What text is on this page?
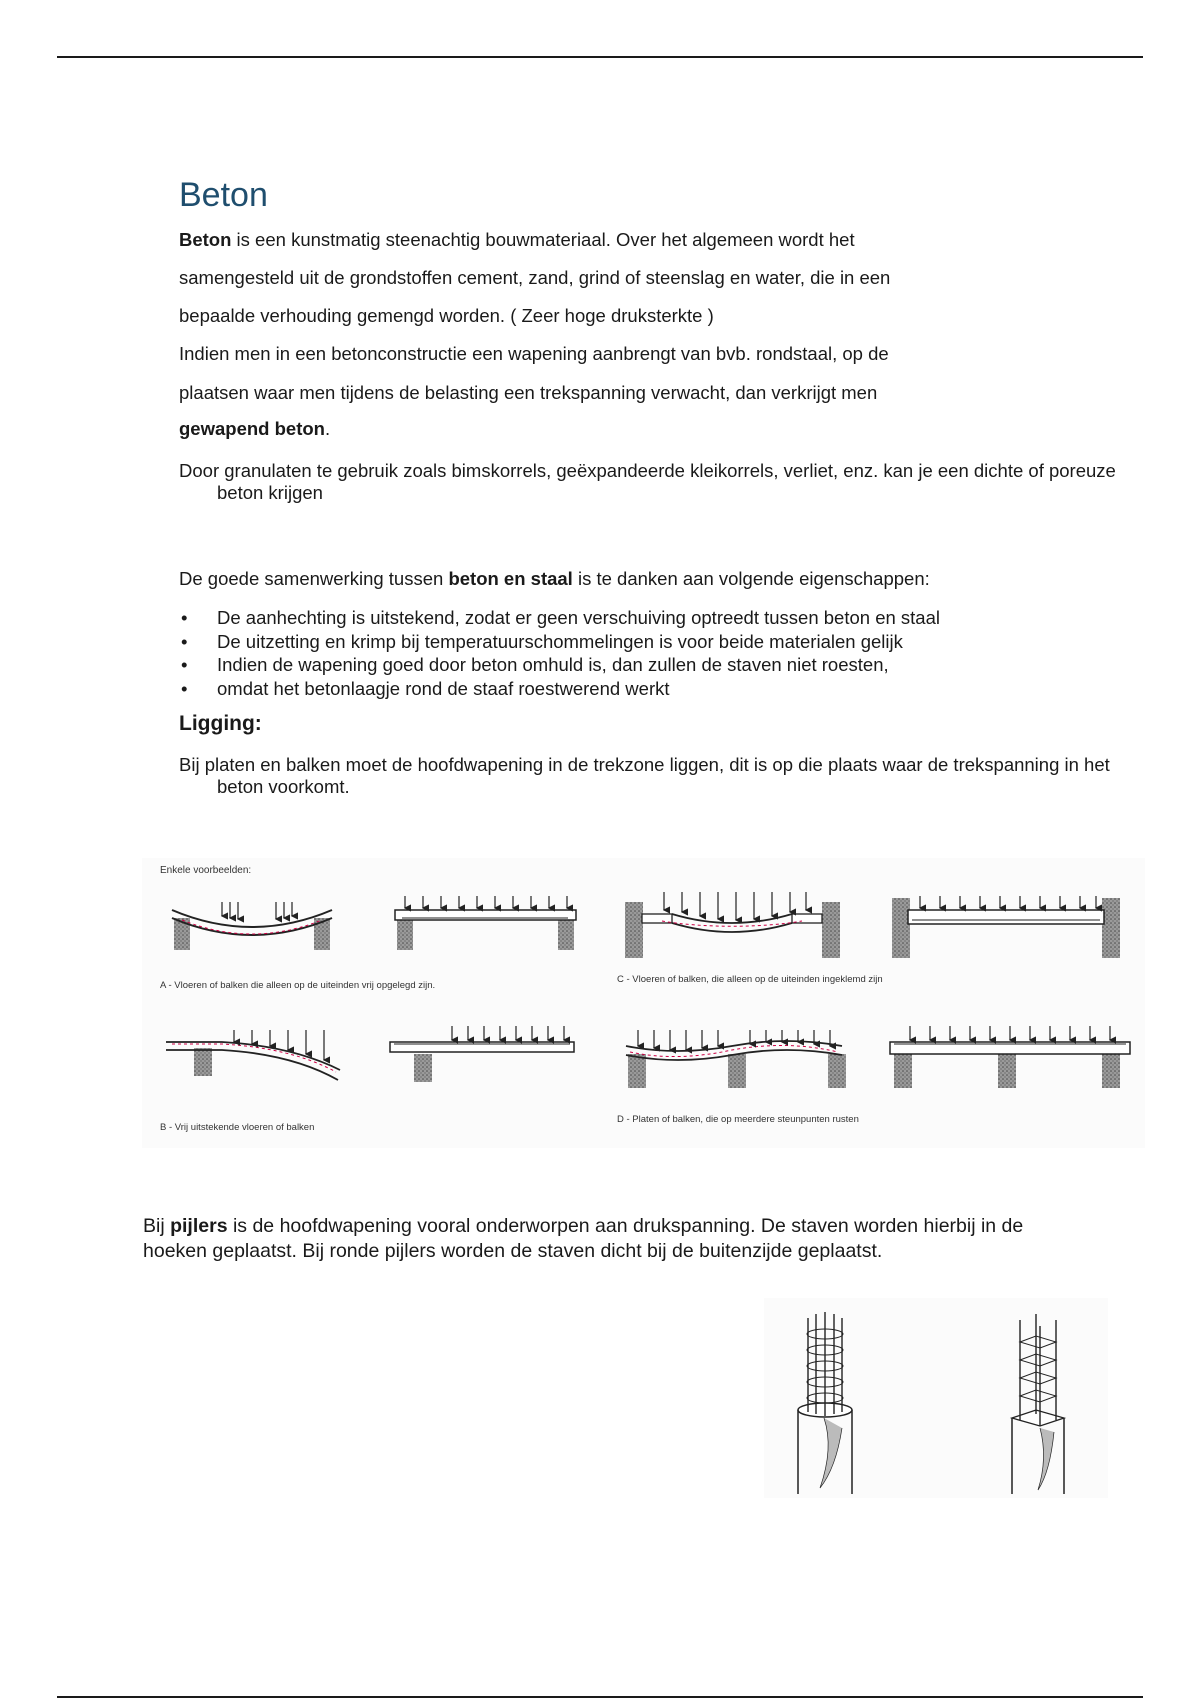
Beton
Beton is een kunstmatig steenachtig bouwmateriaal. Over het algemeen wordt het
samengesteld uit de grondstoffen cement, zand, grind of steenslag en water, die in een
bepaalde verhouding gemengd worden. ( Zeer hoge druksterkte )
Indien men in een betonconstructie een wapening aanbrengt van bvb. rondstaal, op de
plaatsen waar men tijdens de belasting een trekspanning verwacht, dan verkrijgt men
gewapend beton.
Door granulaten te gebruik zoals bimskorrels, geëxpandeerde kleikorrels, verliet, enz. kan je een dichte of poreuze beton krijgen
De goede samenwerking tussen beton en staal is te danken aan volgende eigenschappen:
• De aanhechting is uitstekend, zodat er geen verschuiving optreedt tussen beton en staal
• De uitzetting en krimp bij temperatuurschommelingen is voor beide materialen gelijk
• Indien de wapening goed door beton omhuld is, dan zullen de staven niet roesten,
• omdat het betonlaagje rond de staaf roestwerend werkt
Ligging:
Bij platen en balken moet de hoofdwapening in de trekzone liggen, dit is op die plaats waar de trekspanning in het beton voorkomt.
Enkele voorbeelden:
A - Vloeren of balken die alleen op de uiteinden vrij opgelegd zijn.
C - Vloeren of balken, die alleen op de uiteinden ingeklemd zijn
B - Vrij uitstekende vloeren of balken
D - Platen of balken, die op meerdere steunpunten rusten
Bij pijlers is de hoofdwapening vooral onderworpen aan drukspanning. De staven worden hierbij in de hoeken geplaatst. Bij ronde pijlers worden de staven dicht bij de buitenzijde geplaatst.
